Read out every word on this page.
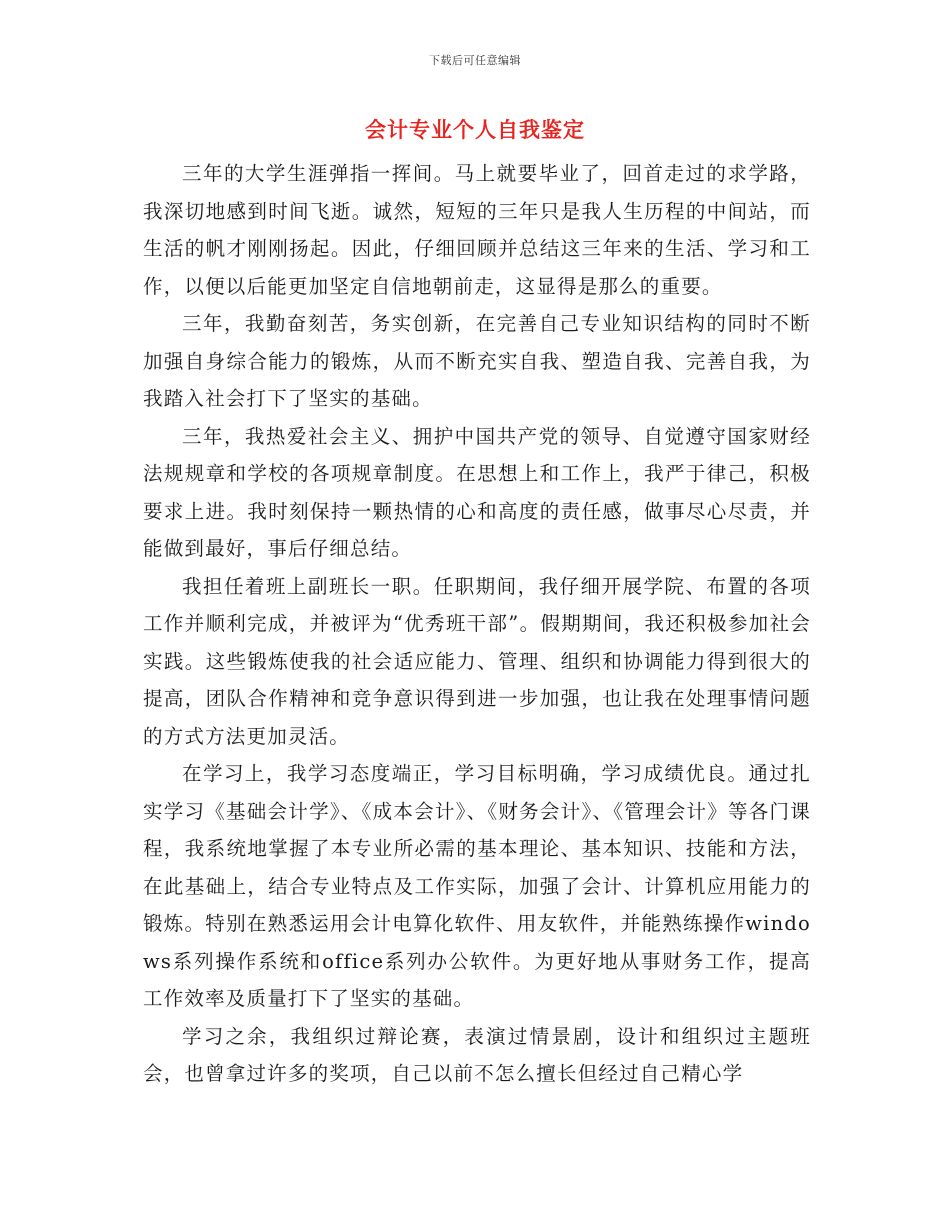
下载后可任意编辑
会计专业个人自我鉴定

三年的大学生涯弹指一挥间。马上就要毕业了，回首走过的求学路，我深切地感到时间飞逝。诚然，短短的三年只是我人生历程的中间站，而生活的帆才刚刚扬起。因此，仔细回顾并总结这三年来的生活、学习和工作，以便以后能更加坚定自信地朝前走，这显得是那么的重要。

三年，我勤奋刻苦，务实创新，在完善自己专业知识结构的同时不断加强自身综合能力的锻炼，从而不断充实自我、塑造自我、完善自我，为我踏入社会打下了坚实的基础。

三年，我热爱社会主义、拥护中国共产党的领导、自觉遵守国家财经法规规章和学校的各项规章制度。在思想上和工作上，我严于律己，积极要求上进。我时刻保持一颗热情的心和高度的责任感，做事尽心尽责，并能做到最好，事后仔细总结。

我担任着班上副班长一职。任职期间，我仔细开展学院、布置的各项工作并顺利完成，并被评为“优秀班干部”。假期期间，我还积极参加社会实践。这些锻炼使我的社会适应能力、管理、组织和协调能力得到很大的提高，团队合作精神和竞争意识得到进一步加强，也让我在处理事情问题的方式方法更加灵活。

在学习上，我学习态度端正，学习目标明确，学习成绩优良。通过扎实学习《基础会计学》、《成本会计》、《财务会计》、《管理会计》等各门课程，我系统地掌握了本专业所必需的基本理论、基本知识、技能和方法，在此基础上，结合专业特点及工作实际，加强了会计、计算机应用能力的锻炼。特别在熟悉运用会计电算化软件、用友软件，并能熟练操作windows系列操作系统和office系列办公软件。为更好地从事财务工作，提高工作效率及质量打下了坚实的基础。

学习之余，我组织过辩论赛，表演过情景剧，设计和组织过主题班会，也曾拿过许多的奖项，自己以前不怎么擅长但经过自己精心学
